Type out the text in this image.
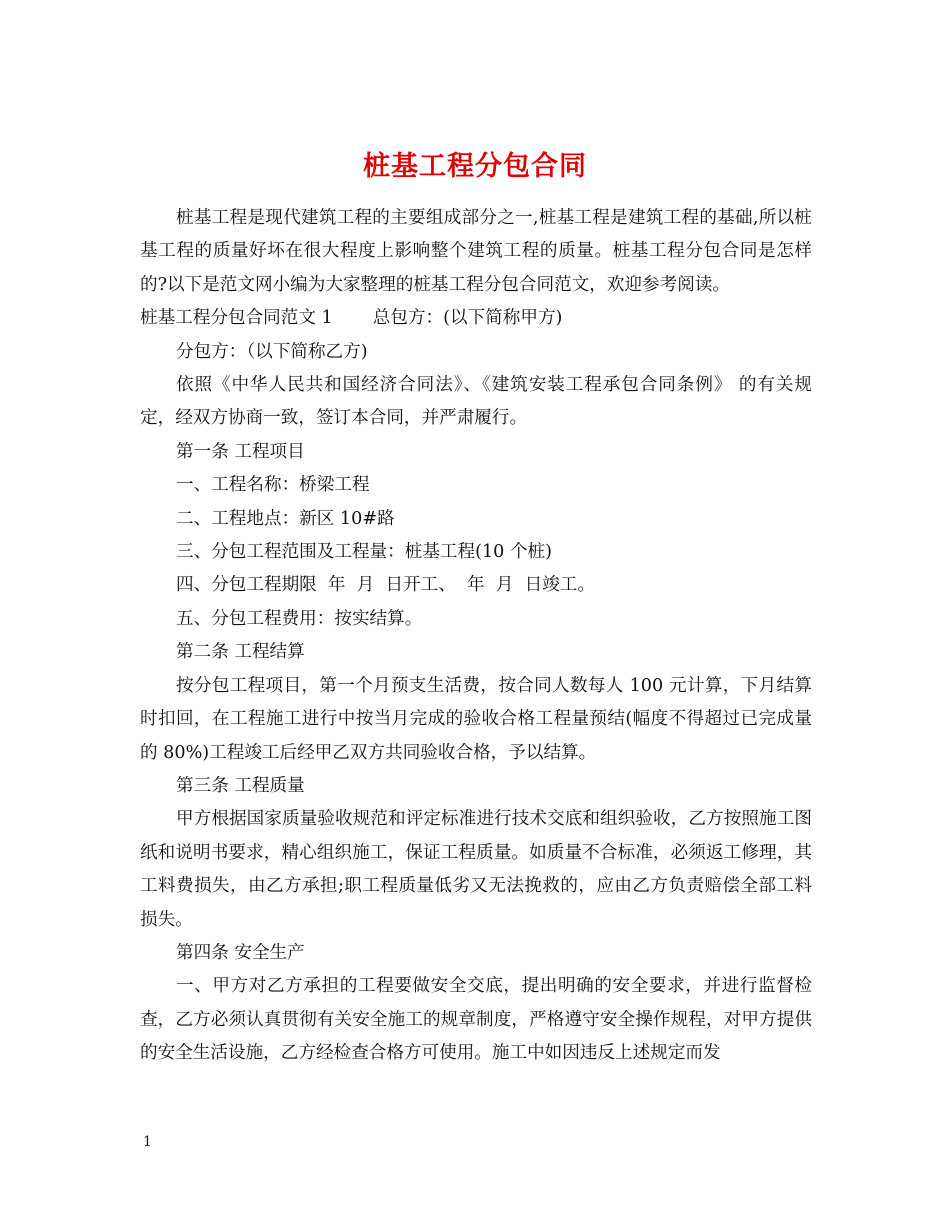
桩基工程分包合同

桩基工程是现代建筑工程的主要组成部分之一,桩基工程是建筑工程的基础,所以桩基工程的质量好坏在很大程度上影响整个建筑工程的质量。桩基工程分包合同是怎样的?以下是范文网小编为大家整理的桩基工程分包合同范文，欢迎参考阅读。

桩基工程分包合同范文 1 总包方：(以下简称甲方)

分包方：（以下简称乙方)

依照《中华人民共和国经济合同法》、《建筑安装工程承包合同条例》 的有关规定，经双方协商一致，签订本合同，并严肃履行。

第一条 工程项目

一、工程名称：桥梁工程

二、工程地点：新区 10#路

三、分包工程范围及工程量：桩基工程(10 个桩)

四、分包工程期限  年  月  日开工、  年  月  日竣工。

五、分包工程费用：按实结算。

第二条 工程结算

按分包工程项目，第一个月预支生活费，按合同人数每人 100 元计算，下月结算时扣回，在工程施工进行中按当月完成的验收合格工程量预结(幅度不得超过已完成量的 80%)工程竣工后经甲乙双方共同验收合格，予以结算。

第三条 工程质量

甲方根据国家质量验收规范和评定标准进行技术交底和组织验收，乙方按照施工图纸和说明书要求，精心组织施工，保证工程质量。如质量不合标准，必须返工修理，其工料费损失，由乙方承担;职工程质量低劣又无法挽救的，应由乙方负责赔偿全部工料损失。

第四条 安全生产

一、甲方对乙方承担的工程要做安全交底，提出明确的安全要求，并进行监督检查，乙方必须认真贯彻有关安全施工的规章制度，严格遵守安全操作规程，对甲方提供的安全生活设施，乙方经检查合格方可使用。施工中如因违反上述规定而发

1
